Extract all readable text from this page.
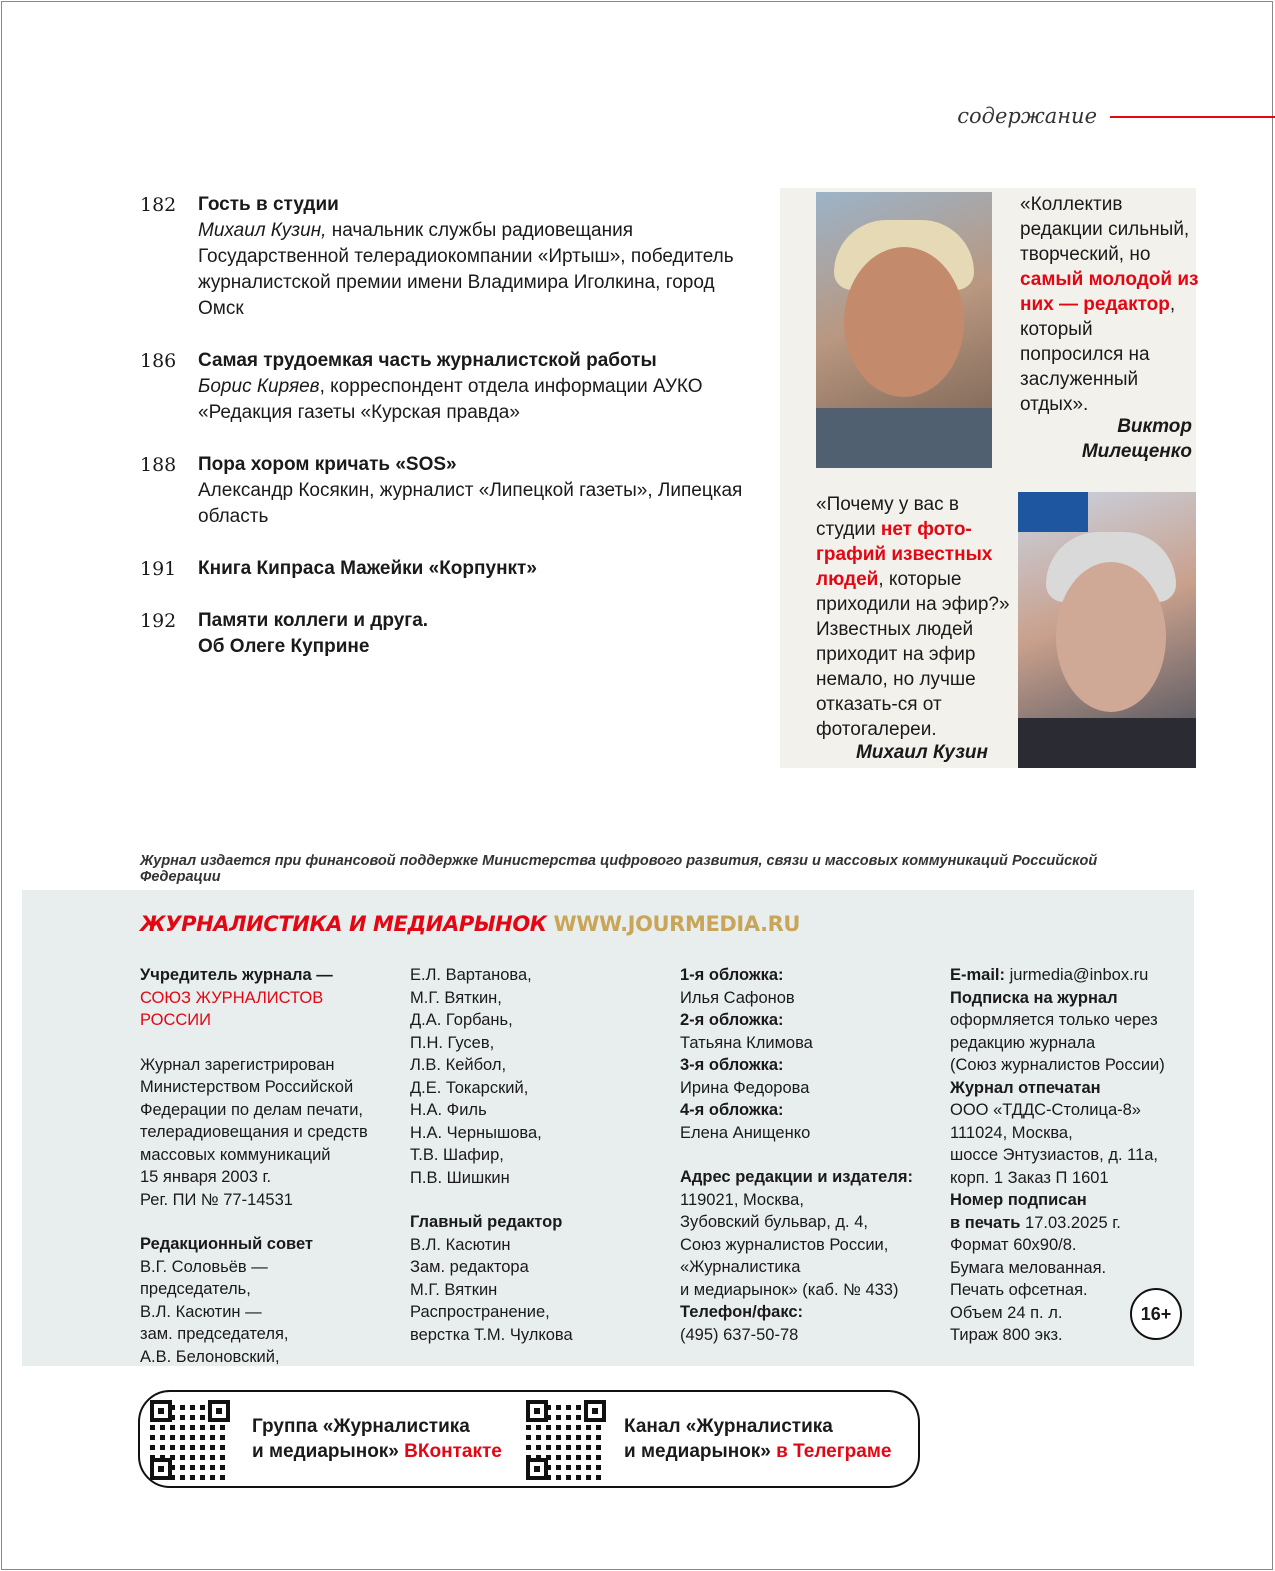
содержание
182	Гость в студии
Михаил Кузин, начальник службы радиовещания Государственной телерадиокомпании «Иртыш», победитель журналистской премии имени Владимира Иголкина, город Омск
186	Самая трудоемкая часть журналистской работы
Борис Киряев, корреспондент отдела информации АУКО «Редакция газеты «Курская правда»
188	Пора хором кричать «SOS»
Александр Косякин, журналист «Липецкой газеты», Липецкая область
191	Книга Кипраса Мажейки «Корпункт»
192	Памяти коллеги и друга. Об Олеге Куприне
«Коллектив редакции сильный, творческий, но самый молодой из них — редактор, который попросился на заслуженный отдых».
Виктор Милещенко
«Почему у вас в студии нет фото-графий известных людей, которые приходили на эфир?» Известных людей приходит на эфир немало, но лучше отказать-ся от фотогалереи.
Михаил Кузин
Журнал издается при финансовой поддержке Министерства цифрового развития, связи и массовых коммуникаций Российской Федерации
ЖУРНАЛИСТИКА И МЕДИАРЫНОК WWW.JOURMEDIA.RU
Учредитель журнала —
СОЮЗ ЖУРНАЛИСТОВ РОССИИ
Журнал зарегистрирован
Министерством Российской
Федерации по делам печати,
телерадиовещания и средств
массовых коммуникаций
15 января 2003 г.
Рег. ПИ № 77-14531
Редакционный совет
В.Г. Соловьёв —
председатель,
В.Л. Касютин —
зам. председателя,
А.В. Белоновский,
Е.Л. Вартанова,
М.Г. Вяткин,
Д.А. Горбань,
П.Н. Гусев,
Л.В. Кейбол,
Д.Е. Токарский,
Н.А. Филь
Н.А. Чернышова,
Т.В. Шафир,
П.В. Шишкин
Главный редактор
В.Л. Касютин
Зам. редактора
М.Г. Вяткин
Распространение,
верстка Т.М. Чулкова
1-я обложка:
Илья Сафонов
2-я обложка:
Татьяна Климова
3-я обложка:
Ирина Федорова
4-я обложка:
Елена Анищенко
Адрес редакции и издателя:
119021, Москва,
Зубовский бульвар, д. 4,
Союз журналистов России,
«Журналистика
и медиарынок» (каб. № 433)
Телефон/факс:
(495) 637-50-78
E-mail: jurmedia@inbox.ru
Подписка на журнал
оформляется только через
редакцию журнала
(Союз журналистов России)
Журнал отпечатан
ООО «ТДДС-Столица-8»
111024, Москва,
шоссе Энтузиастов, д. 11а,
корп. 1 Заказ П 1601
Номер подписан
в печать 17.03.2025 г.
Формат 60х90/8.
Бумага мелованная.
Печать офсетная.
Объем 24 п. л.
Тираж 800 экз.
16+
Группа «Журналистика
и медиарынок» ВКонтакте
Канал «Журналистика
и медиарынок» в Телеграме
